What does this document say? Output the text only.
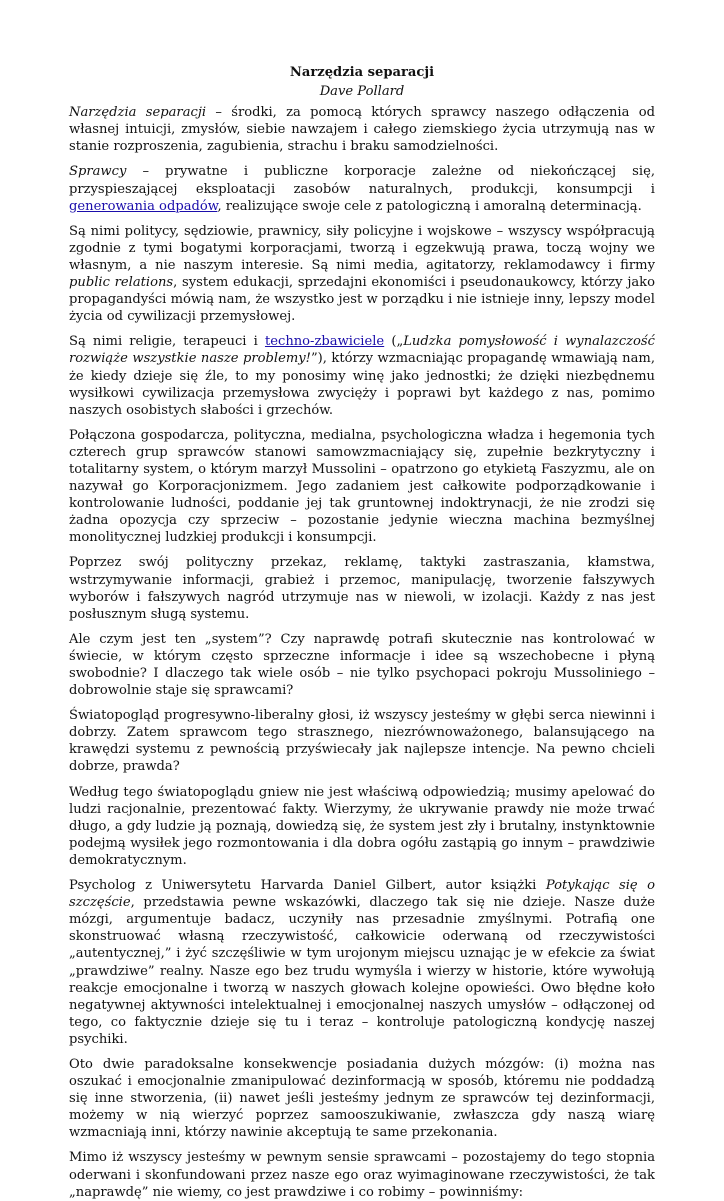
Narzędzia separacji
Dave Pollard

Narzędzia separacji – środki, za pomocą których sprawcy naszego odłączenia od własnej intuicji, zmysłów, siebie nawzajem i całego ziemskiego życia utrzymują nas w stanie rozproszenia, zagubienia, strachu i braku samodzielności.

Sprawcy – prywatne i publiczne korporacje zależne od niekończącej się, przyspieszającej eksploatacji zasobów naturalnych, produkcji, konsumpcji i generowania odpadów, realizujące swoje cele z patologiczną i amoralną determinacją.

Są nimi politycy, sędziowie, prawnicy, siły policyjne i wojskowe – wszyscy współpracują zgodnie z tymi bogatymi korporacjami, tworzą i egzekwują prawa, toczą wojny we własnym, a nie naszym interesie. Są nimi media, agitatorzy, reklamodawcy i firmy public relations, system edukacji, sprzedajni ekonomiści i pseudonaukowcy, którzy jako propagandyści mówią nam, że wszystko jest w porządku i nie istnieje inny, lepszy model życia od cywilizacji przemysłowej.

Są nimi religie, terapeuci i techno-zbawiciele („Ludzka pomysłowość i wynalazczość rozwiąże wszystkie nasze problemy!”), którzy wzmacniając propagandę wmawiają nam, że kiedy dzieje się źle, to my ponosimy winę jako jednostki; że dzięki niezbędnemu wysiłkowi cywilizacja przemysłowa zwycięży i poprawi byt każdego z nas, pomimo naszych osobistych słabości i grzechów.

Połączona gospodarcza, polityczna, medialna, psychologiczna władza i hegemonia tych czterech grup sprawców stanowi samowzmacniający się, zupełnie bezkrytyczny i totalitarny system, o którym marzył Mussolini – opatrzono go etykietą Faszyzmu, ale on nazywał go Korporacjonizmem. Jego zadaniem jest całkowite podporządkowanie i kontrolowanie ludności, poddanie jej tak gruntownej indoktrynacji, że nie zrodzi się żadna opozycja czy sprzeciw – pozostanie jedynie wieczna machina bezmyślnej monolitycznej ludzkiej produkcji i konsumpcji.

Poprzez swój polityczny przekaz, reklamę, taktyki zastraszania, kłamstwa, wstrzymywanie informacji, grabież i przemoc, manipulację, tworzenie fałszywych wyborów i fałszywych nagród utrzymuje nas w niewoli, w izolacji. Każdy z nas jest posłusznym sługą systemu.

Ale czym jest ten „system”? Czy naprawdę potrafi skutecznie nas kontrolować w świecie, w którym często sprzeczne informacje i idee są wszechobecne i płyną swobodnie? I dlaczego tak wiele osób – nie tylko psychopaci pokroju Mussoliniego – dobrowolnie staje się sprawcami?

Światopogląd progresywno-liberalny głosi, iż wszyscy jesteśmy w głębi serca niewinni i dobrzy. Zatem sprawcom tego strasznego, niezrównoważonego, balansującego na krawędzi systemu z pewnością przyświecały jak najlepsze intencje. Na pewno chcieli dobrze, prawda?

Według tego światopoglądu gniew nie jest właściwą odpowiedzią; musimy apelować do ludzi racjonalnie, prezentować fakty. Wierzymy, że ukrywanie prawdy nie może trwać długo, a gdy ludzie ją poznają, dowiedzą się, że system jest zły i brutalny, instynktownie podejmą wysiłek jego rozmontowania i dla dobra ogółu zastąpią go innym – prawdziwie demokratycznym.

Psycholog z Uniwersytetu Harvarda Daniel Gilbert, autor książki Potykając się o szczęście, przedstawia pewne wskazówki, dlaczego tak się nie dzieje. Nasze duże mózgi, argumentuje badacz, uczyniły nas przesadnie zmyślnymi. Potrafią one skonstruować własną rzeczywistość, całkowicie oderwaną od rzeczywistości „autentycznej,” i żyć szczęśliwie w tym urojonym miejscu uznając je w efekcie za świat „prawdziwe” realny. Nasze ego bez trudu wymyśla i wierzy w historie, które wywołują reakcje emocjonalne i tworzą w naszych głowach kolejne opowieści. Owo błędne koło negatywnej aktywności intelektualnej i emocjonalnej naszych umysłów – odłączonej od tego, co faktycznie dzieje się tu i teraz – kontroluje patologiczną kondycję naszej psychiki.

Oto dwie paradoksalne konsekwencje posiadania dużych mózgów: (i) można nas oszukać i emocjonalnie zmanipulować dezinformacją w sposób, któremu nie poddadzą się inne stworzenia, (ii) nawet jeśli jesteśmy jednym ze sprawców tej dezinformacji, możemy w nią wierzyć poprzez samooszukiwanie, zwłaszcza gdy naszą wiarę wzmacniają inni, którzy nawinie akceptują te same przekonania.

Mimo iż wszyscy jesteśmy w pewnym sensie sprawcami – pozostajemy do tego stopnia oderwani i skonfundowani przez nasze ego oraz wyimaginowane rzeczywistości, że tak „naprawdę” nie wiemy, co jest prawdziwe i co robimy – powinniśmy:
